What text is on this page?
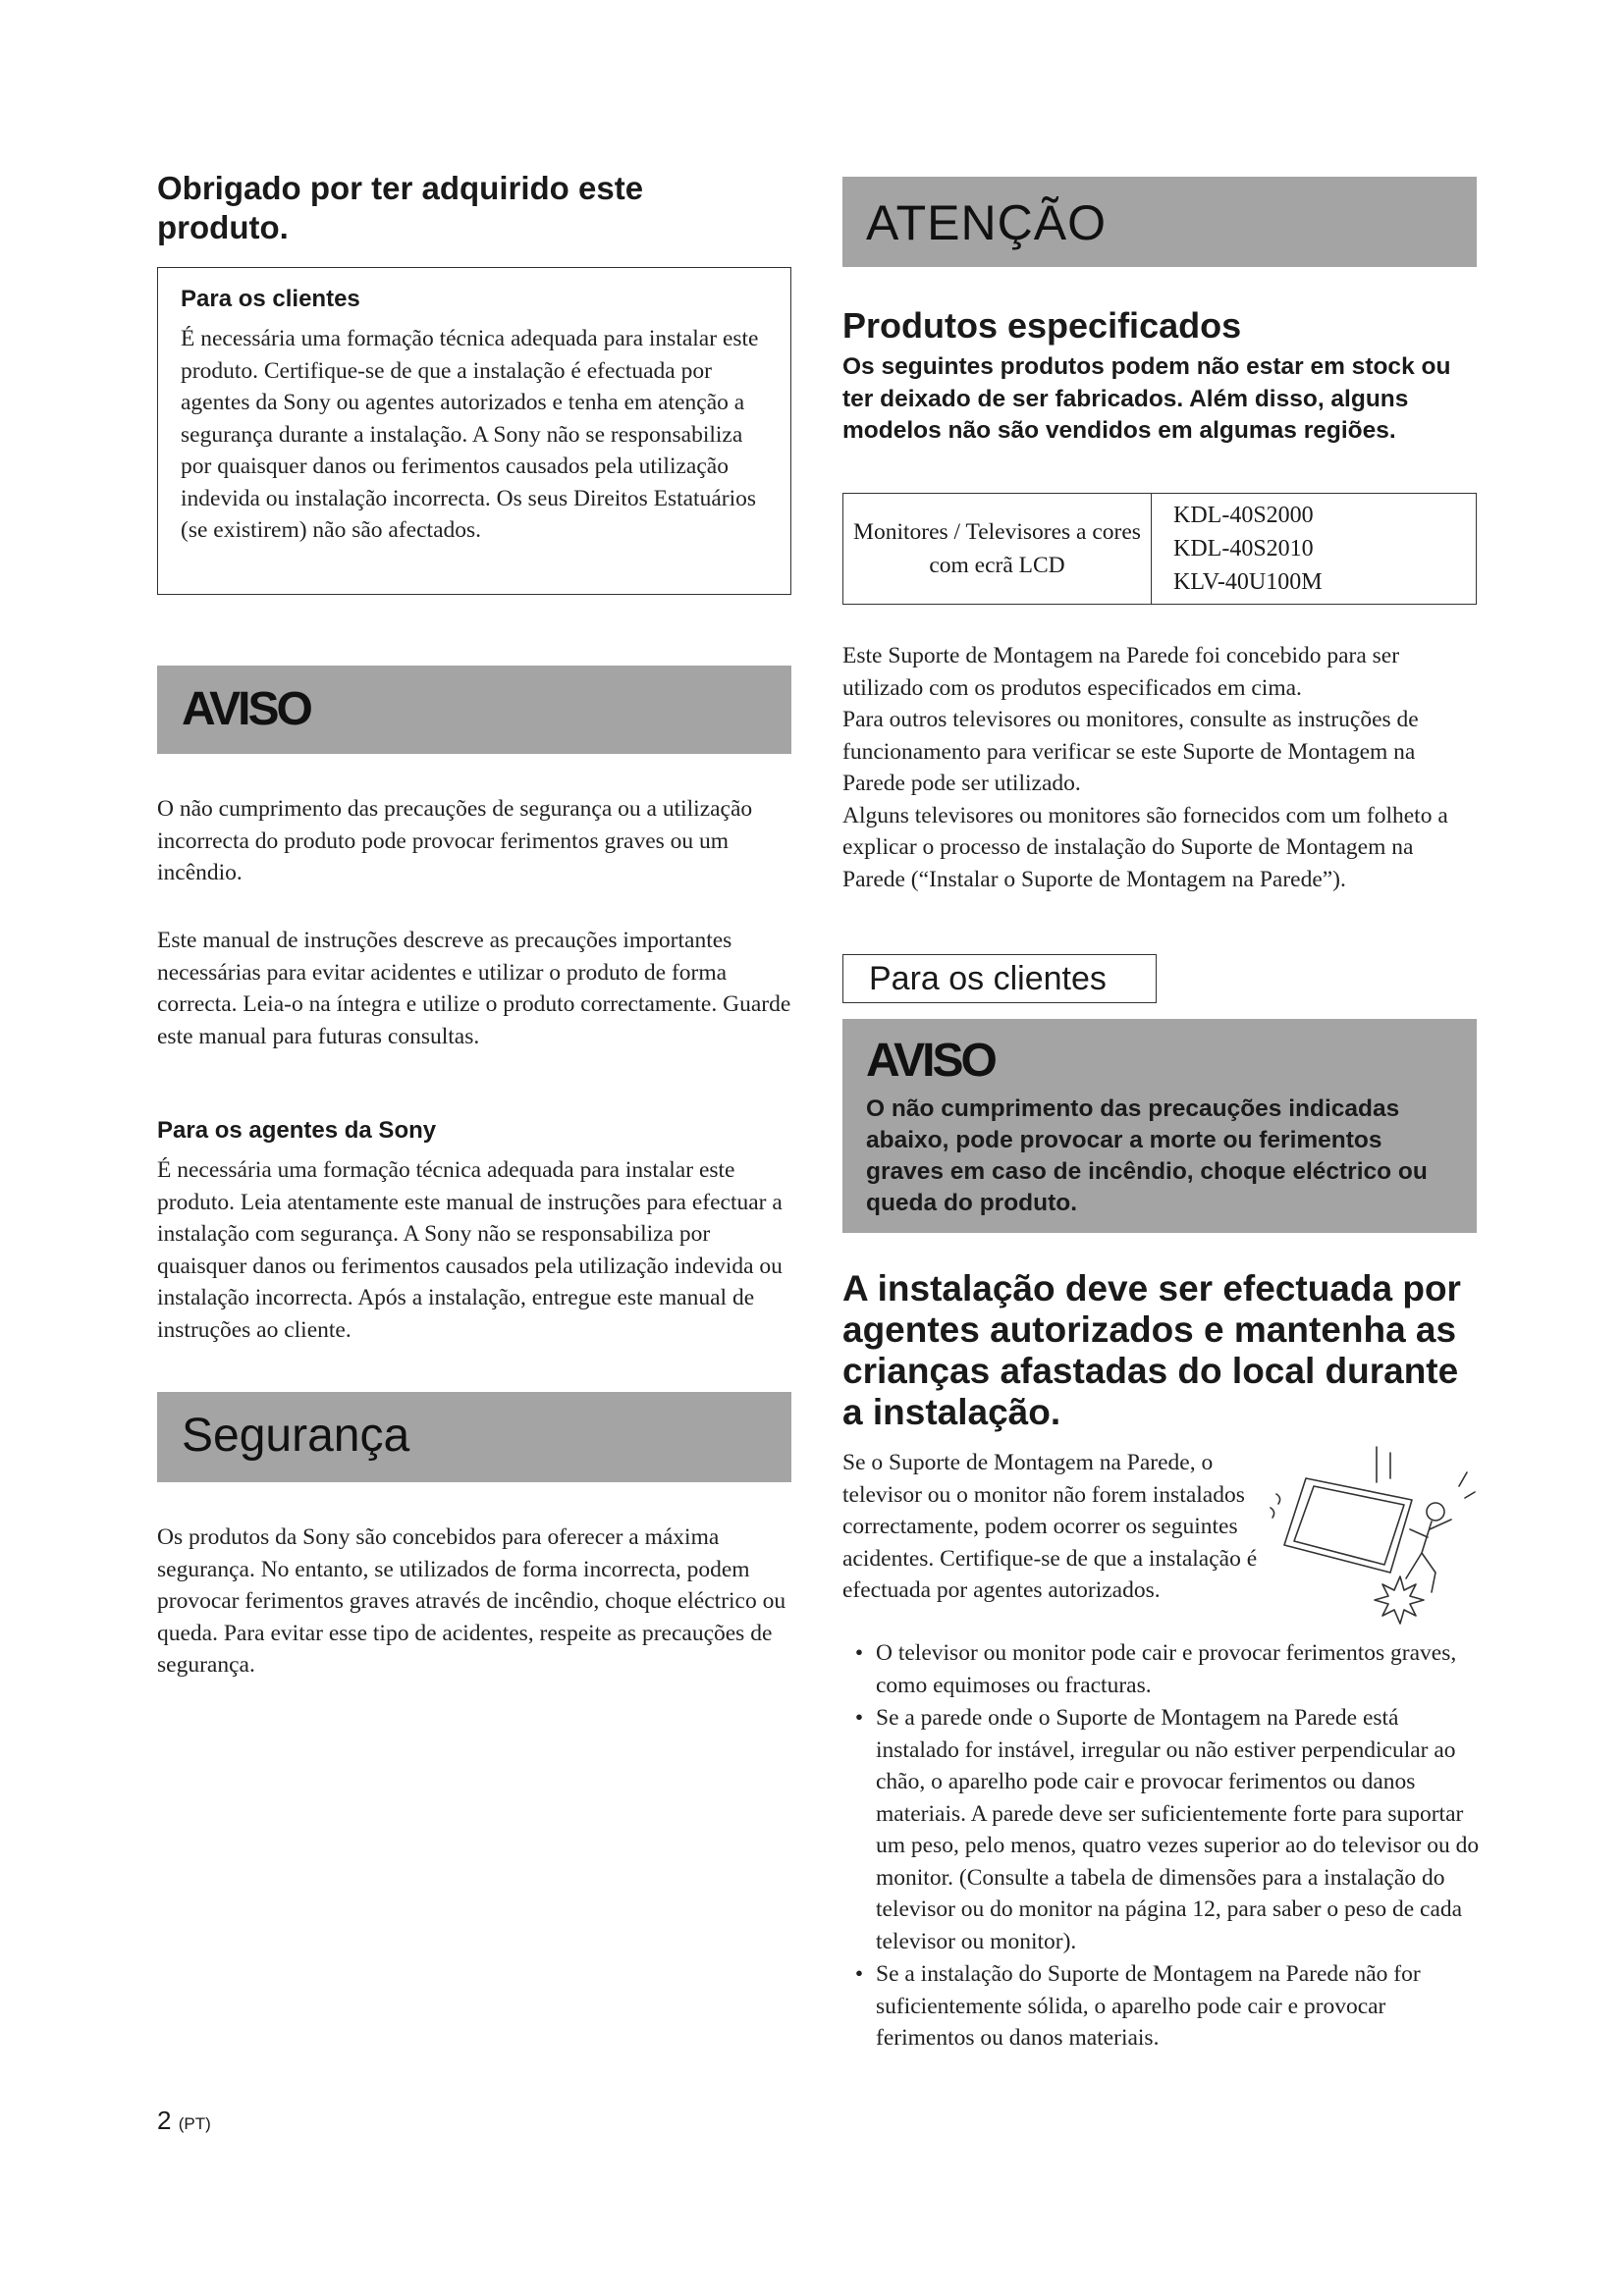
Obrigado por ter adquirido este produto.
Para os clientes

É necessária uma formação técnica adequada para instalar este produto. Certifique-se de que a instalação é efectuada por agentes da Sony ou agentes autorizados e tenha em atenção a segurança durante a instalação. A Sony não se responsabiliza por quaisquer danos ou ferimentos causados pela utilização indevida ou instalação incorrecta. Os seus Direitos Estatuários (se existirem) não são afectados.

AVISO

O não cumprimento das precauções de segurança ou a utilização incorrecta do produto pode provocar ferimentos graves ou um incêndio.

Este manual de instruções descreve as precauções importantes necessárias para evitar acidentes e utilizar o produto de forma correcta. Leia-o na íntegra e utilize o produto correctamente. Guarde este manual para futuras consultas.

Para os agentes da Sony

É necessária uma formação técnica adequada para instalar este produto. Leia atentamente este manual de instruções para efectuar a instalação com segurança. A Sony não se responsabiliza por quaisquer danos ou ferimentos causados pela utilização indevida ou instalação incorrecta. Após a instalação, entregue este manual de instruções ao cliente.

Segurança

Os produtos da Sony são concebidos para oferecer a máxima segurança. No entanto, se utilizados de forma incorrecta, podem provocar ferimentos graves através de incêndio, choque eléctrico ou queda. Para evitar esse tipo de acidentes, respeite as precauções de segurança.

2 (PT)
ATENÇÃO
Produtos especificados

Os seguintes produtos podem não estar em stock ou ter deixado de ser fabricados. Além disso, alguns modelos não são vendidos em algumas regiões.

Monitores / Televisores a cores com ecrã LCD
KDL-40S2000
KDL-40S2010
KLV-40U100M

Este Suporte de Montagem na Parede foi concebido para ser utilizado com os produtos especificados em cima.

Para outros televisores ou monitores, consulte as instruções de funcionamento para verificar se este Suporte de Montagem na Parede pode ser utilizado.

Alguns televisores ou monitores são fornecidos com um folheto a explicar o processo de instalação do Suporte de Montagem na Parede (“Instalar o Suporte de Montagem na Parede”).

Para os clientes
AVISO

O não cumprimento das precauções indicadas abaixo, pode provocar a morte ou ferimentos graves em caso de incêndio, choque eléctrico ou queda do produto.

A instalação deve ser efectuada por agentes autorizados e mantenha as crianças afastadas do local durante a instalação.

Se o Suporte de Montagem na Parede, o televisor ou o monitor não forem instalados correctamente, podem ocorrer os seguintes acidentes. Certifique-se de que a instalação é efectuada por agentes autorizados.

• O televisor ou monitor pode cair e provocar ferimentos graves, como equimoses ou fracturas.
• Se a parede onde o Suporte de Montagem na Parede está instalado for instável, irregular ou não estiver perpendicular ao chão, o aparelho pode cair e provocar ferimentos ou danos materiais. A parede deve ser suficientemente forte para suportar um peso, pelo menos, quatro vezes superior ao do televisor ou do monitor. (Consulte a tabela de dimensões para a instalação do televisor ou do monitor na página 12, para saber o peso de cada televisor ou monitor).
• Se a instalação do Suporte de Montagem na Parede não for suficientemente sólida, o aparelho pode cair e provocar ferimentos ou danos materiais.
